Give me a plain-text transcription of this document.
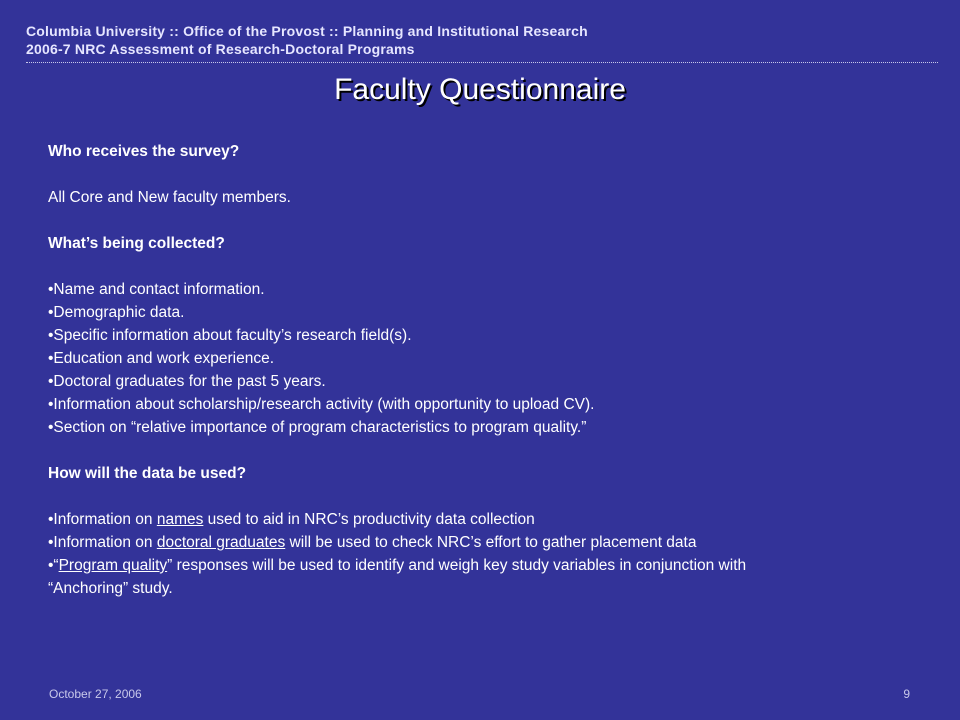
Columbia University :: Office of the Provost :: Planning and Institutional Research
2006-7 NRC Assessment of Research-Doctoral Programs
Faculty Questionnaire
Who receives the survey?
All Core and New faculty members.
What’s being collected?
•Name and contact information.
•Demographic data.
•Specific information about faculty’s research field(s).
•Education and work experience.
•Doctoral graduates for the past 5 years.
•Information about scholarship/research activity (with opportunity to upload CV).
•Section on “relative importance of program characteristics to program quality.”
How will the data be used?
•Information on names used to aid in NRC’s productivity data collection
•Information on doctoral graduates will be used to check NRC’s effort to gather placement data
•“Program quality” responses will be used to identify and weigh key study variables in conjunction with
“Anchoring” study.
October 27, 2006	9
